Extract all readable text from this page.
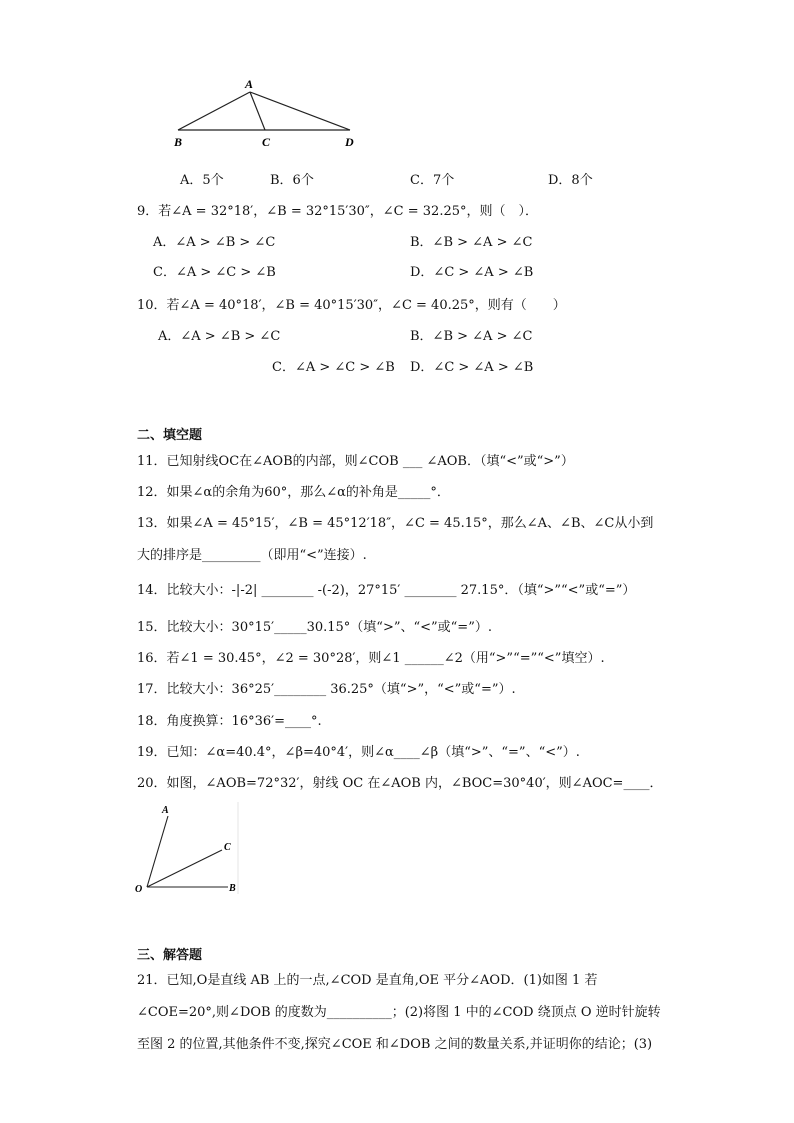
A
B	C	D
A．5个	B．6个	C．7个	D．8个
9．若∠A = 32°18′，∠B = 32°15′30″，∠C = 32.25°，则（　）．
A．∠A > ∠B > ∠C	B．∠B > ∠A > ∠C
C．∠A > ∠C > ∠B	D．∠C > ∠A > ∠B
10．若∠A = 40°18′，∠B = 40°15′30″，∠C = 40.25°，则有（　　）
A．∠A > ∠B > ∠C	B．∠B > ∠A > ∠C
C．∠A > ∠C > ∠B D．∠C > ∠A > ∠B
二、填空题
11．已知射线OC在∠AOB的内部，则∠COB ___ ∠AOB．（填“<”或“>”）
12．如果∠α的余角为60°，那么∠α的补角是_____°．
13．如果∠A = 45°15′，∠B = 45°12′18″，∠C = 45.15°，那么∠A、∠B、∠C从小到
大的排序是_________（即用“<”连接）.
14．比较大小：-|-2| ________ -(-2)，27°15′ ________ 27.15°．（填“>”“<”或“=”）
15．比较大小：30°15′_____30.15°（填“>”、“<”或“=”）.
16．若∠1 = 30.45°，∠2 = 30°28′，则∠1 ______∠2（用“>”“=”“<”填空）.
17．比较大小：36°25′________ 36.25°（填“>”，“<”或“=”）.
18．角度换算：16°36′=____°.
19．已知：∠α=40.4°，∠β=40°4′，则∠α____∠β（填“>”、“=”、“<”）.
20．如图，∠AOB=72°32′，射线 OC 在∠AOB 内，∠BOC=30°40′，则∠AOC=____．
A
C
O	B
三、解答题
21．已知,O是直线 AB 上的一点,∠COD 是直角,OE 平分∠AOD．(1)如图 1 若
∠COE=20°,则∠DOB 的度数为__________；(2)将图 1 中的∠COD 绕顶点 O 逆时针旋转
至图 2 的位置,其他条件不变,探究∠COE 和∠DOB 之间的数量关系,并证明你的结论；(3)
